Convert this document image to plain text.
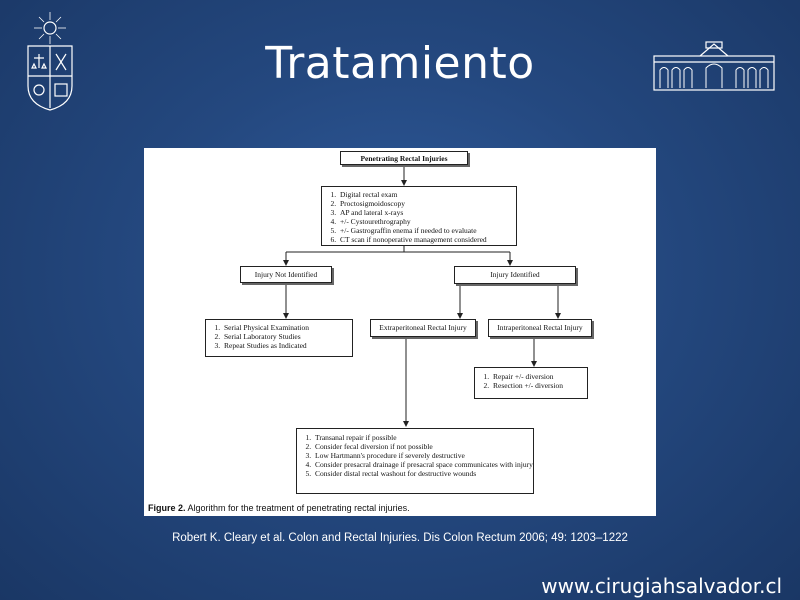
Tratamiento
Penetrating Rectal Injuries
1. Digital rectal exam
2. Proctosigmoidoscopy
3. AP and lateral x-rays
4. +/- Cystourethrography
5. +/- Gastrograffin enema if needed to evaluate
6. CT scan if nonoperative management considered
Injury Not Identified	Injury Identified
1. Serial Physical Examination
2. Serial Laboratory Studies
3. Repeat Studies as Indicated
Extraperitoneal Rectal Injury	Intraperitoneal Rectal Injury
1. Repair +/- diversion
2. Resection +/- diversion
1. Transanal repair if possible
2. Consider fecal diversion if not possible
3. Low Hartmann's procedure if severely destructive
4. Consider presacral drainage if presacral space communicates with injury
5. Consider distal rectal washout for destructive wounds
Figure 2. Algorithm for the treatment of penetrating rectal injuries.
Robert K. Cleary et al. Colon and Rectal Injuries. Dis Colon Rectum 2006; 49: 1203–1222
www.cirugiahsalvador.cl
